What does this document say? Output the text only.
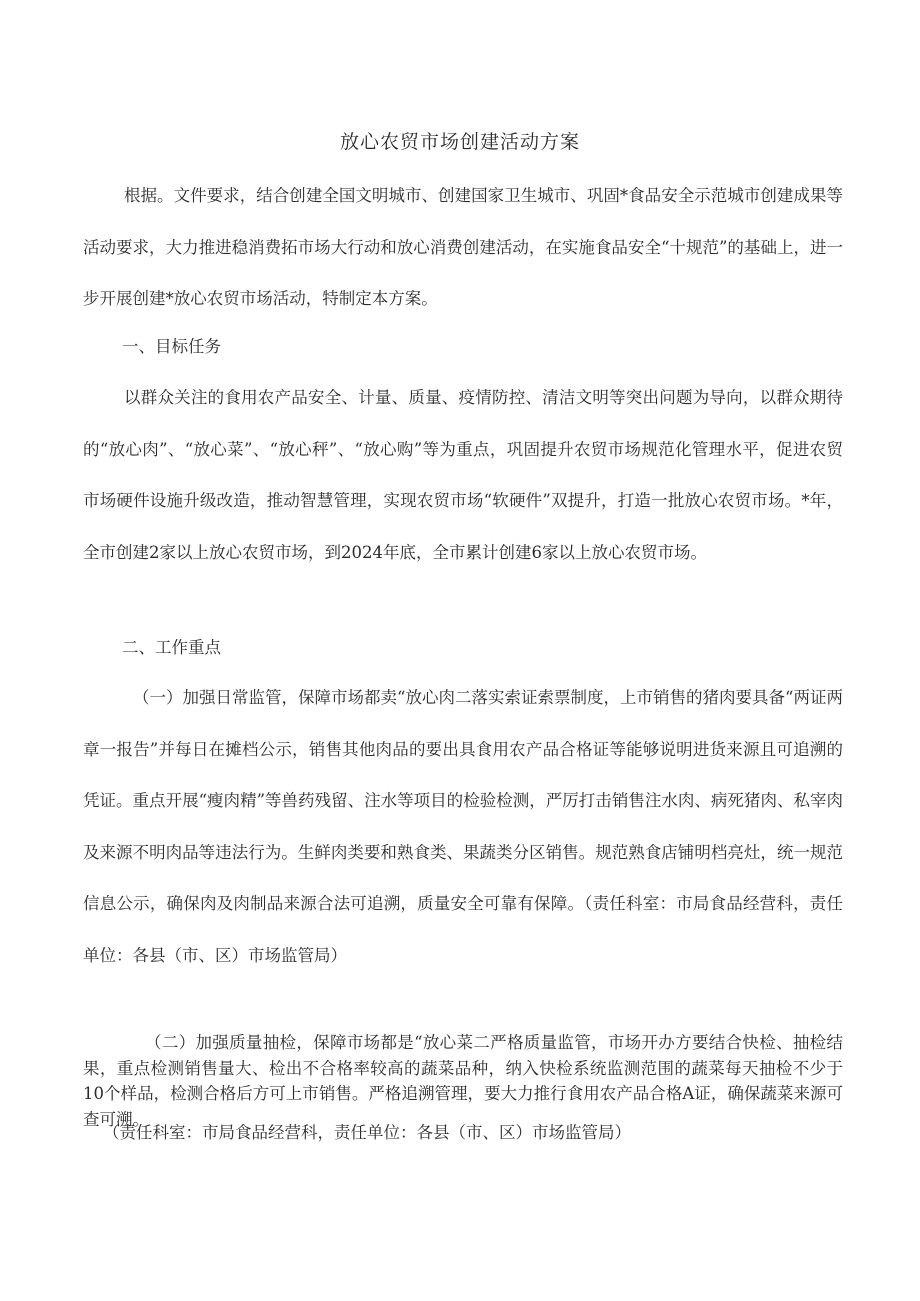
放心农贸市场创建活动方案
根据。文件要求，结合创建全国文明城市、创建国家卫生城市、巩固*食品安全示范城市创建成果等活动要求，大力推进稳消费拓市场大行动和放心消费创建活动，在实施食品安全“十规范”的基础上，进一步开展创建*放心农贸市场活动，特制定本方案。
一、目标任务
以群众关注的食用农产品安全、计量、质量、疫情防控、清洁文明等突出问题为导向，以群众期待的“放心肉”、“放心菜”、“放心秤”、“放心购”等为重点，巩固提升农贸市场规范化管理水平，促进农贸市场硬件设施升级改造，推动智慧管理，实现农贸市场“软硬件”双提升，打造一批放心农贸市场。*年，全市创建2家以上放心农贸市场，到2024年底，全市累计创建6家以上放心农贸市场。
二、工作重点
（一）加强日常监管，保障市场都卖“放心肉二落实索证索票制度，上市销售的猪肉要具备“两证两章一报告”并每日在摊档公示，销售其他肉品的要出具食用农产品合格证等能够说明进货来源且可追溯的凭证。重点开展“瘦肉精”等兽药残留、注水等项目的检验检测，严厉打击销售注水肉、病死猪肉、私宰肉及来源不明肉品等违法行为。生鲜肉类要和熟食类、果蔬类分区销售。规范熟食店铺明档亮灶，统一规范信息公示，确保肉及肉制品来源合法可追溯，质量安全可靠有保障。（责任科室：市局食品经营科，责任单位：各县（市、区）市场监管局）
（二）加强质量抽检，保障市场都是“放心菜二严格质量监管，市场开办方要结合快检、抽检结果，重点检测销售量大、检出不合格率较高的蔬菜品种，纳入快检系统监测范围的蔬菜每天抽检不少于10个样品，检测合格后方可上市销售。严格追溯管理，要大力推行食用农产品合格A证，确保蔬菜来源可查可溯。
（责任科室：市局食品经营科，责任单位：各县（市、区）市场监管局）
